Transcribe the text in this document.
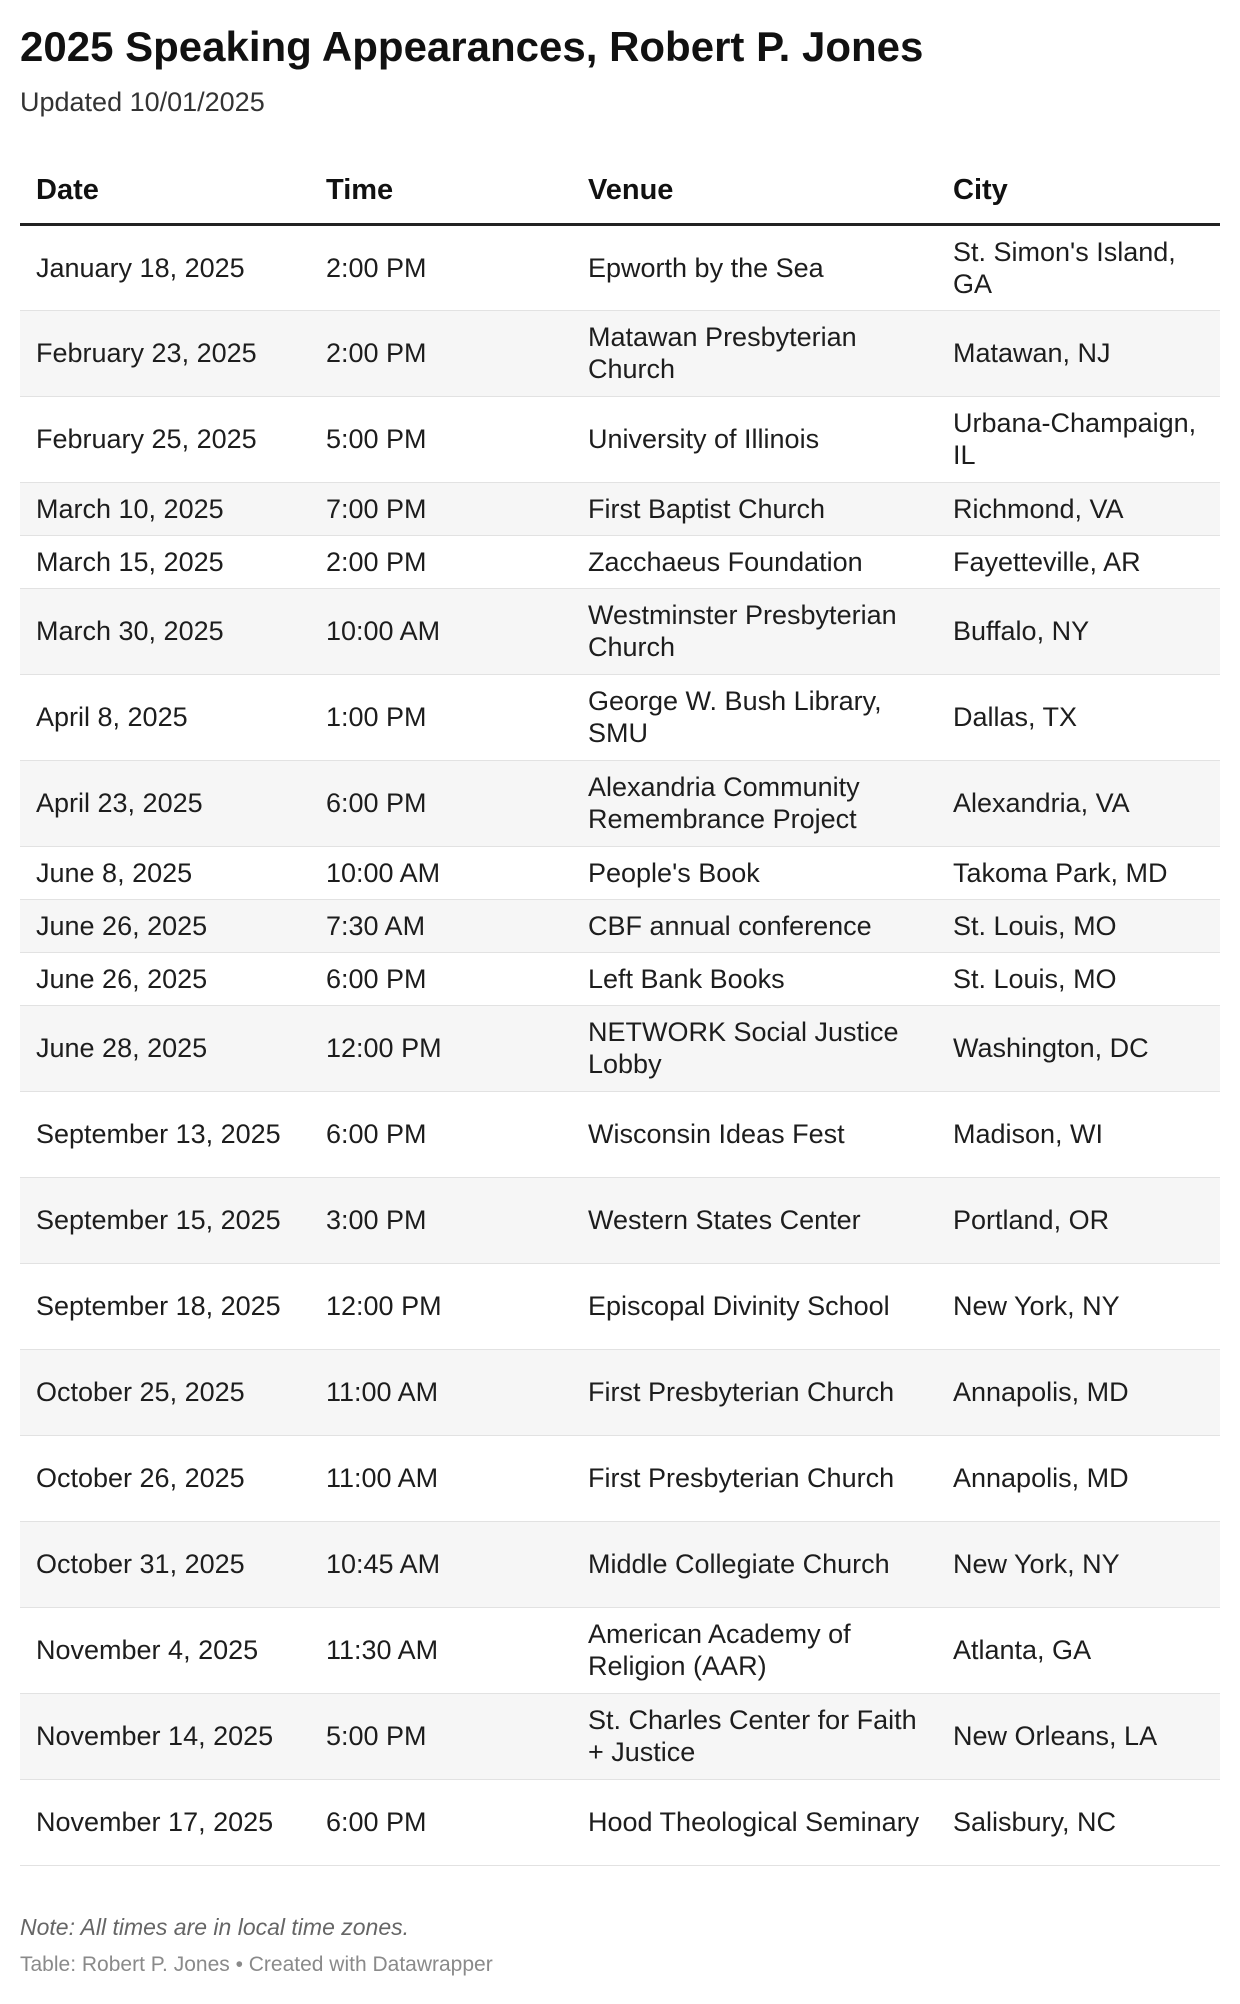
2025 Speaking Appearances, Robert P. Jones
Updated 10/01/2025
Date	Time	Venue	City
January 18, 2025	2:00 PM	Epworth by the Sea	St. Simon's Island, GA
February 23, 2025	2:00 PM	Matawan Presbyterian Church	Matawan, NJ
February 25, 2025	5:00 PM	University of Illinois	Urbana-Champaign, IL
March 10, 2025	7:00 PM	First Baptist Church	Richmond, VA
March 15, 2025	2:00 PM	Zacchaeus Foundation	Fayetteville, AR
March 30, 2025	10:00 AM	Westminster Presbyterian Church	Buffalo, NY
April 8, 2025	1:00 PM	George W. Bush Library, SMU	Dallas, TX
April 23, 2025	6:00 PM	Alexandria Community Remembrance Project	Alexandria, VA
June 8, 2025	10:00 AM	People's Book	Takoma Park, MD
June 26, 2025	7:30 AM	CBF annual conference	St. Louis, MO
June 26, 2025	6:00 PM	Left Bank Books	St. Louis, MO
June 28, 2025	12:00 PM	NETWORK Social Justice Lobby	Washington, DC
September 13, 2025	6:00 PM	Wisconsin Ideas Fest	Madison, WI
September 15, 2025	3:00 PM	Western States Center	Portland, OR
September 18, 2025	12:00 PM	Episcopal Divinity School	New York, NY
October 25, 2025	11:00 AM	First Presbyterian Church	Annapolis, MD
October 26, 2025	11:00 AM	First Presbyterian Church	Annapolis, MD
October 31, 2025	10:45 AM	Middle Collegiate Church	New York, NY
November 4, 2025	11:30 AM	American Academy of Religion (AAR)	Atlanta, GA
November 14, 2025	5:00 PM	St. Charles Center for Faith + Justice	New Orleans, LA
November 17, 2025	6:00 PM	Hood Theological Seminary	Salisbury, NC
Note: All times are in local time zones.
Table: Robert P. Jones • Created with Datawrapper
